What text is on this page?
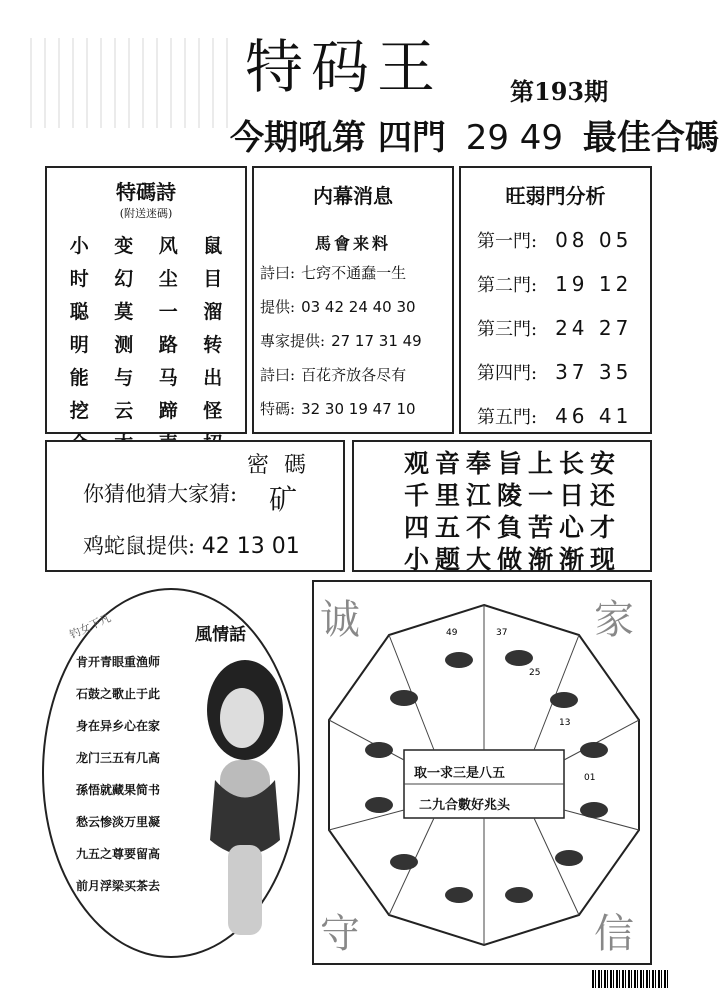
特码王	第193期
今期吼第 四門 29 49 最佳合碼
特碼詩
(附送迷碼)
小	变	风	鼠
时	幻	尘	目
聪	莫	一	溜
明	测	路	转
能	与	马	出
挖	云	蹄	怪
内幕消息
馬會来料
詩曰: 七窍不通蠢一生
提供: 03 42 24 40 30
專家提供: 27 17 31 49
詩曰: 百花齐放各尽有
特碼: 32 30 19 47 10
旺弱門分析
第一門: 08 05
第二門: 19 12
第三門: 24 27
第四門: 37 35
第五門: 46 41
密 碼
你猜他猜大家猜: 矿
鸡蛇鼠提供: 42 13 01
观音奉旨上长安
千里江陵一日还
四五不負苦心才
小题大做渐渐现
钓女下凡	風情話
肯开青眼重渔师
石鼓之歌止于此
身在异乡心在家
龙门三五有几高
孫悟就藏果简书
愁云惨淡万里凝
九五之尊要留高
前月浮梁买茶去
49	37
25
13
01
取一求三是八五
二九合數好兆头
诚
守
家
信
